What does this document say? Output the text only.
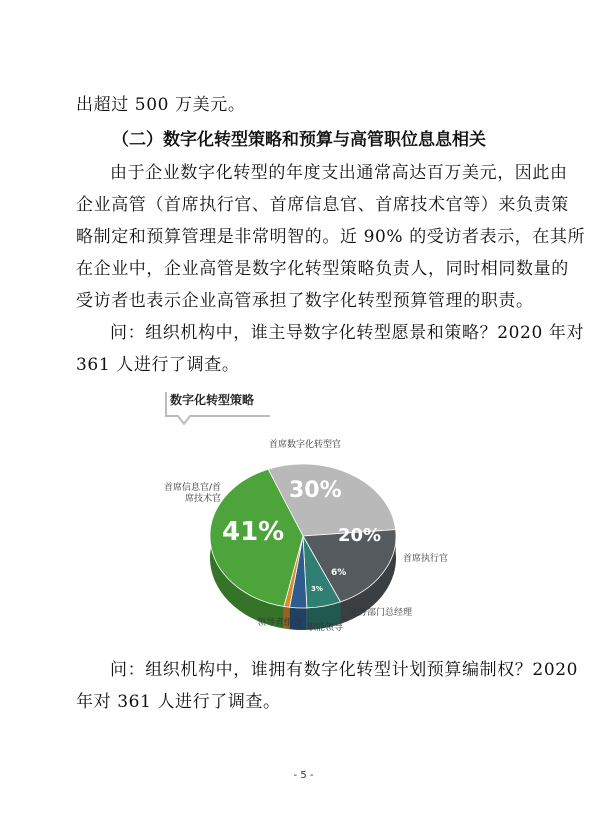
出超过 500 万美元。
（二）数字化转型策略和预算与高管职位息息相关
由于企业数字化转型的年度支出通常高达百万美元，因此由
企业高管（首席执行官、首席信息官、首席技术官等）来负责策
略制定和预算管理是非常明智的。近 90% 的受访者表示，在其所
在企业中，企业高管是数字化转型策略负责人，同时相同数量的
受访者也表示企业高管承担了数字化转型预算管理的职责。
问：组织机构中，谁主导数字化转型愿景和策略？2020 年对
361 人进行了调查。
数字化转型策略
首席数字化转型官
首席执行官
业务部门总经理
职能领导
领导者组合
首席信息官/首席技术官	30%
20%
6%
3%
41%
问：组织机构中，谁拥有数字化转型计划预算编制权？2020
年对 361 人进行了调查。
- 5 -
